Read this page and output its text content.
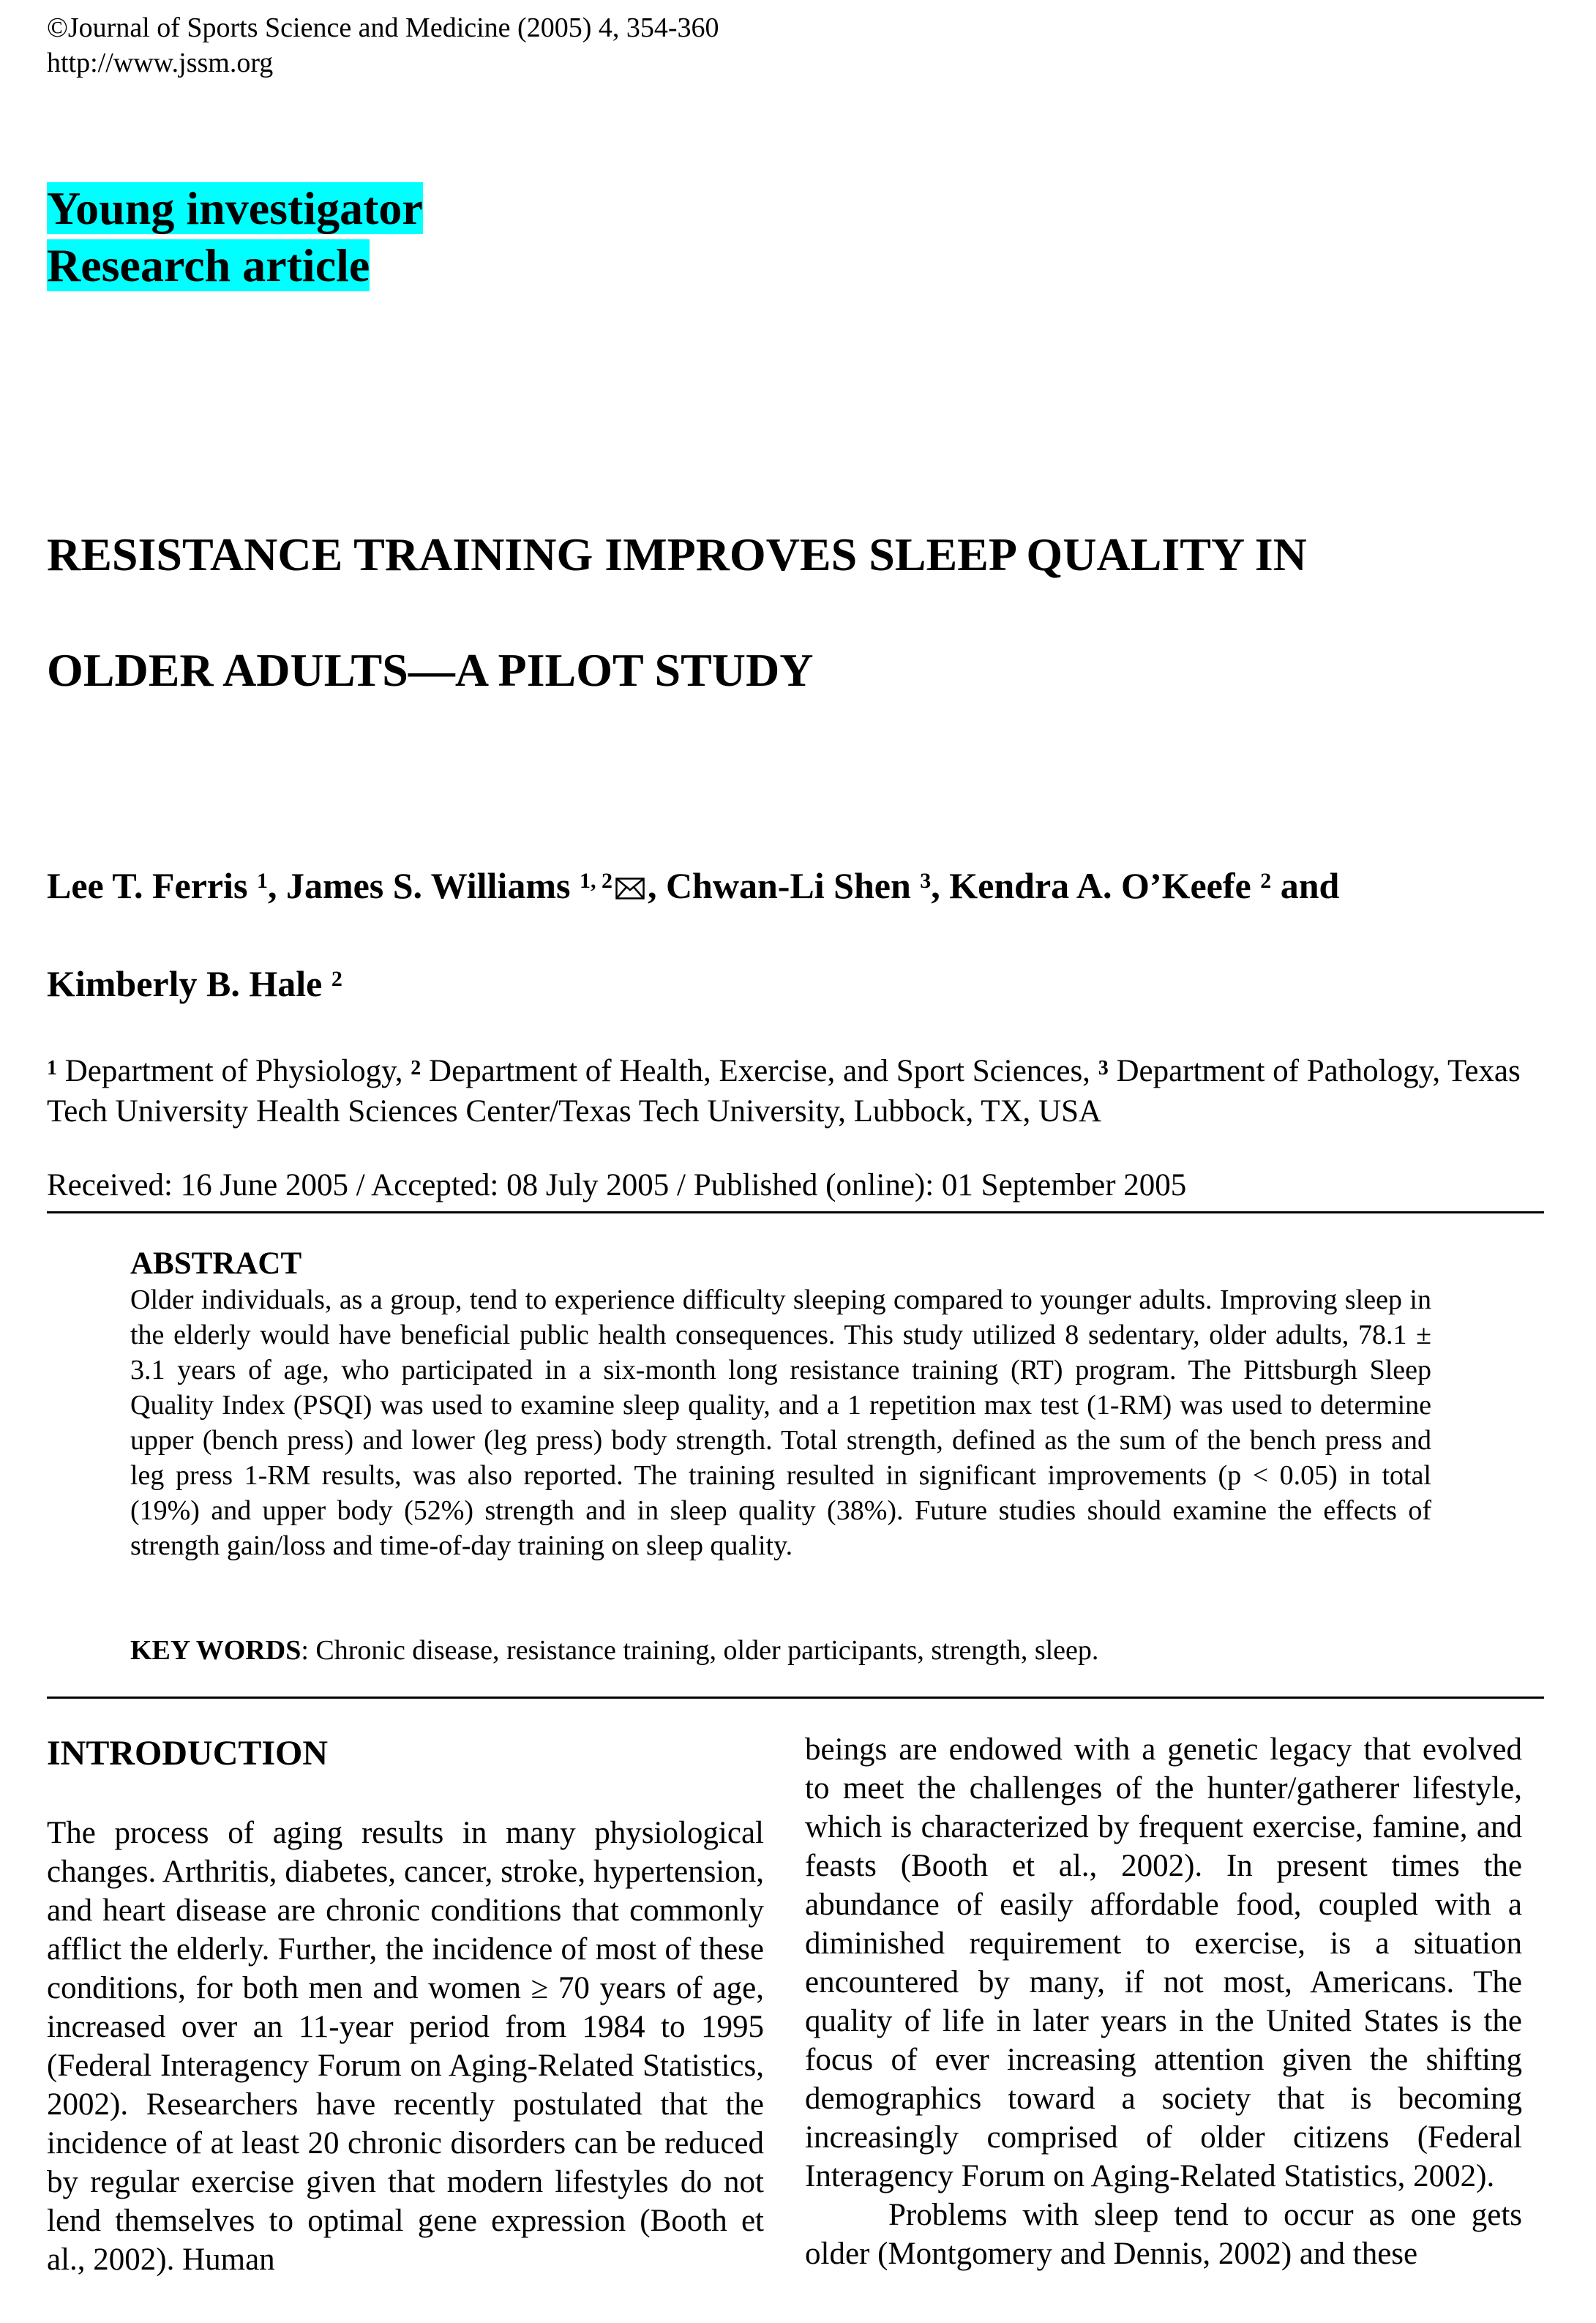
©Journal of Sports Science and Medicine (2005) 4, 354-360
http://www.jssm.org
Young investigator
Research article
RESISTANCE TRAINING IMPROVES SLEEP QUALITY IN
OLDER ADULTS—A PILOT STUDY
Lee T. Ferris $^1$, James S. Williams $^{1, 2}$ , Chwan-Li Shen $^3$, Kendra A. O’Keefe $^2$ and
Kimberly B. Hale $^2$
$^1$ Department of Physiology, $^2$ Department of Health, Exercise, and Sport Sciences, $^3$ Department of Pathology, Texas Tech University Health Sciences Center/Texas Tech University, Lubbock, TX, USA
Received: 16 June 2005 / Accepted: 08 July 2005 / Published (online): 01 September 2005
ABSTRACT
Older individuals, as a group, tend to experience difficulty sleeping compared to younger adults. Improving sleep in the elderly would have beneficial public health consequences. This study utilized 8 sedentary, older adults, 78.1 ± 3.1 years of age, who participated in a six-month long resistance training (RT) program. The Pittsburgh Sleep Quality Index (PSQI) was used to examine sleep quality, and a 1 repetition max test (1-RM) was used to determine upper (bench press) and lower (leg press) body strength. Total strength, defined as the sum of the bench press and leg press 1-RM results, was also reported. The training resulted in significant improvements (p < 0.05) in total (19%) and upper body (52%) strength and in sleep quality (38%). Future studies should examine the effects of strength gain/loss and time-of-day training on sleep quality.
KEY WORDS: Chronic disease, resistance training, older participants, strength, sleep.
INTRODUCTION
The process of aging results in many physiological changes. Arthritis, diabetes, cancer, stroke, hypertension, and heart disease are chronic conditions that commonly afflict the elderly. Further, the incidence of most of these conditions, for both men and women ≥ 70 years of age, increased over an 11-year period from 1984 to 1995 (Federal Interagency Forum on Aging-Related Statistics, 2002). Researchers have recently postulated that the incidence of at least 20 chronic disorders can be reduced by regular exercise given that modern lifestyles do not lend themselves to optimal gene expression (Booth et al., 2002). Human
beings are endowed with a genetic legacy that evolved to meet the challenges of the hunter/gatherer lifestyle, which is characterized by frequent exercise, famine, and feasts (Booth et al., 2002). In present times the abundance of easily affordable food, coupled with a diminished requirement to exercise, is a situation encountered by many, if not most, Americans. The quality of life in later years in the United States is the focus of ever increasing attention given the shifting demographics toward a society that is becoming increasingly comprised of older citizens (Federal Interagency Forum on Aging-Related Statistics, 2002).
Problems with sleep tend to occur as one gets older (Montgomery and Dennis, 2002) and these
